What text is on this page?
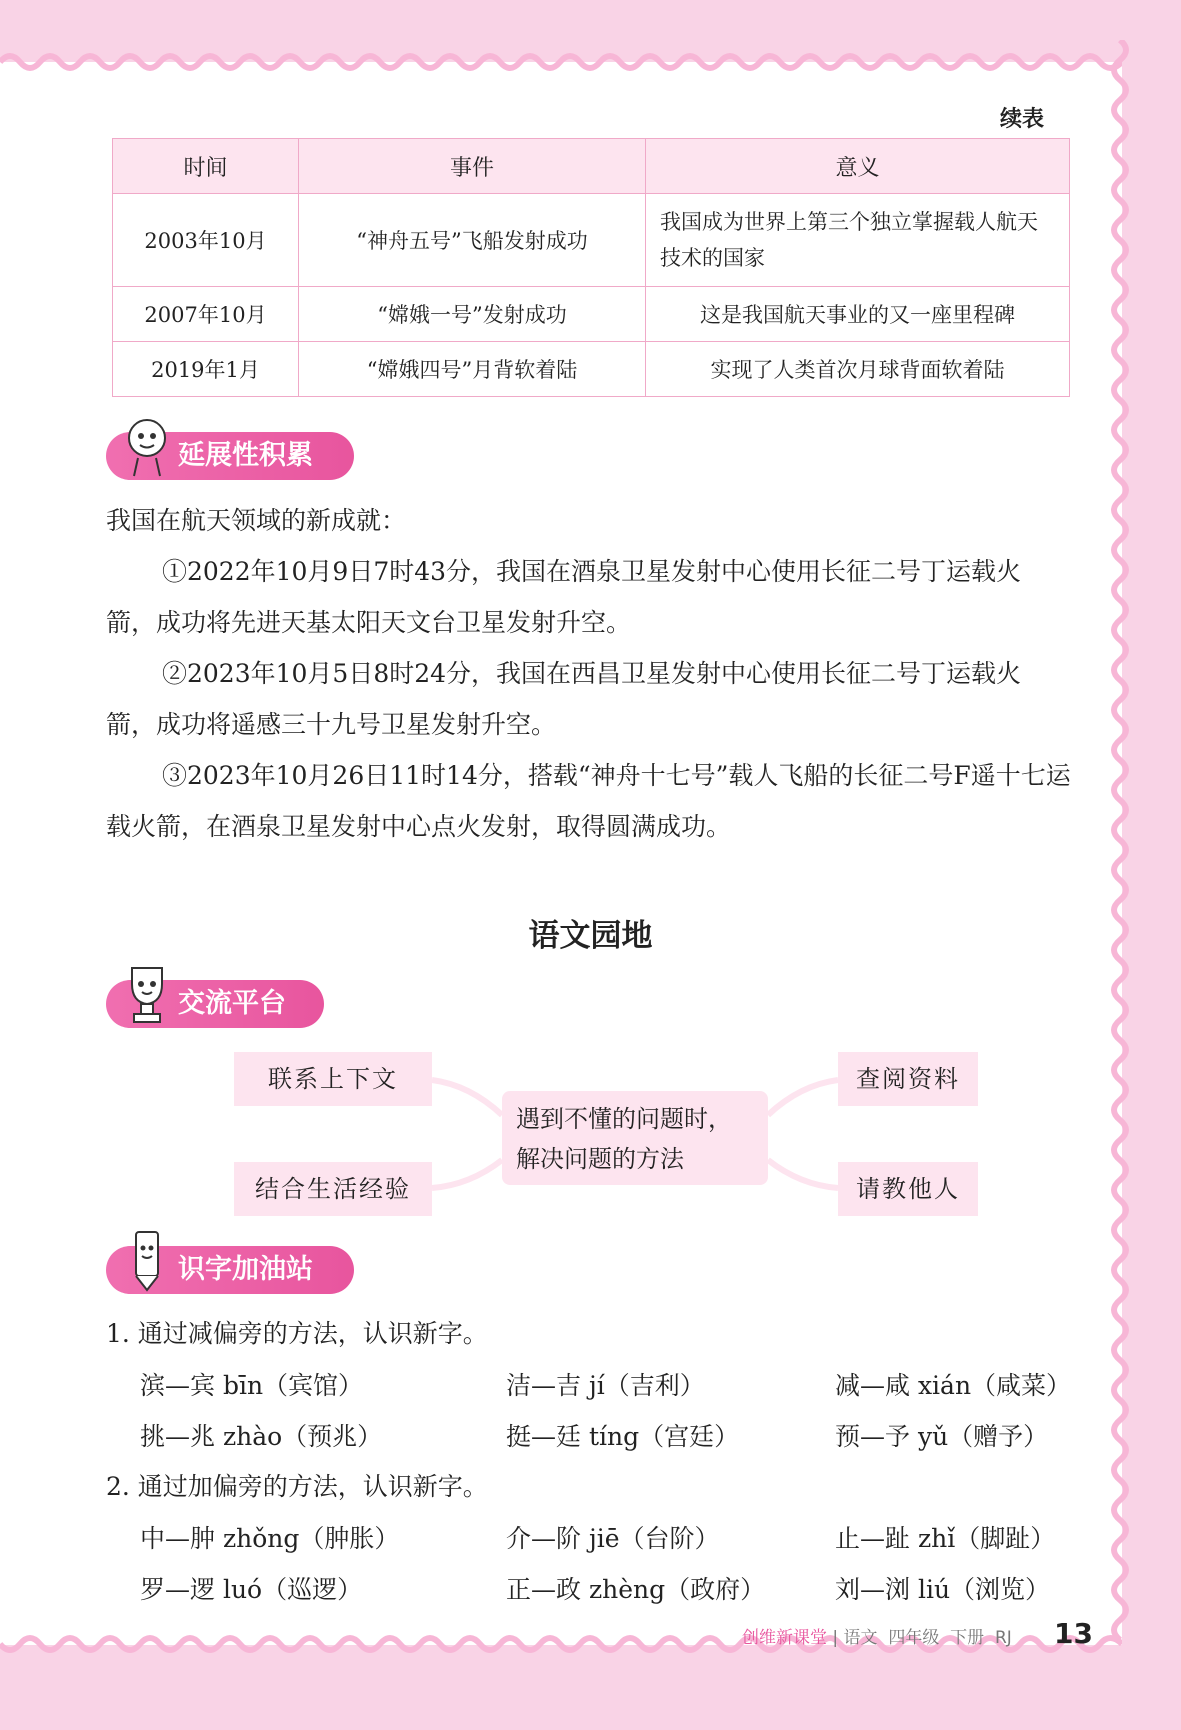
续表
时间	事件	意义
2003年10月	“神舟五号”飞船发射成功	我国成为世界上第三个独立掌握载人航天技术的国家
2007年10月	“嫦娥一号”发射成功	这是我国航天事业的又一座里程碑
2019年1月	“嫦娥四号”月背软着陆	实现了人类首次月球背面软着陆
延展性积累

我国在航天领域的新成就：

①2022年10月9日7时43分，我国在酒泉卫星发射中心使用长征二号丁运载火箭，成功将先进天基太阳天文台卫星发射升空。

②2023年10月5日8时24分，我国在西昌卫星发射中心使用长征二号丁运载火箭，成功将遥感三十九号卫星发射升空。

③2023年10月26日11时14分，搭载“神舟十七号”载人飞船的长征二号F遥十七运载火箭，在酒泉卫星发射中心点火发射，取得圆满成功。

语文园地
交流平台
联系上下文
结合生活经验
查阅资料
请教他人
遇到不懂的问题时，
解决问题的方法
识字加油站
1. 通过减偏旁的方法，认识新字。
滨—宾 bīn（宾馆）	洁—吉 jí（吉利）	减—咸 xián（咸菜）
挑—兆 zhào（预兆）	挺—廷 tíng（宫廷）	预—予 yǔ（赠予）
2. 通过加偏旁的方法，认识新字。
中—肿 zhǒng（肿胀）	介—阶 jiē（台阶）	止—趾 zhǐ（脚趾）
罗—逻 luó（巡逻）	正—政 zhèng（政府）	刘—浏 liú（浏览）
创维新课堂 | 语文 四年级 下册 RJ 13
